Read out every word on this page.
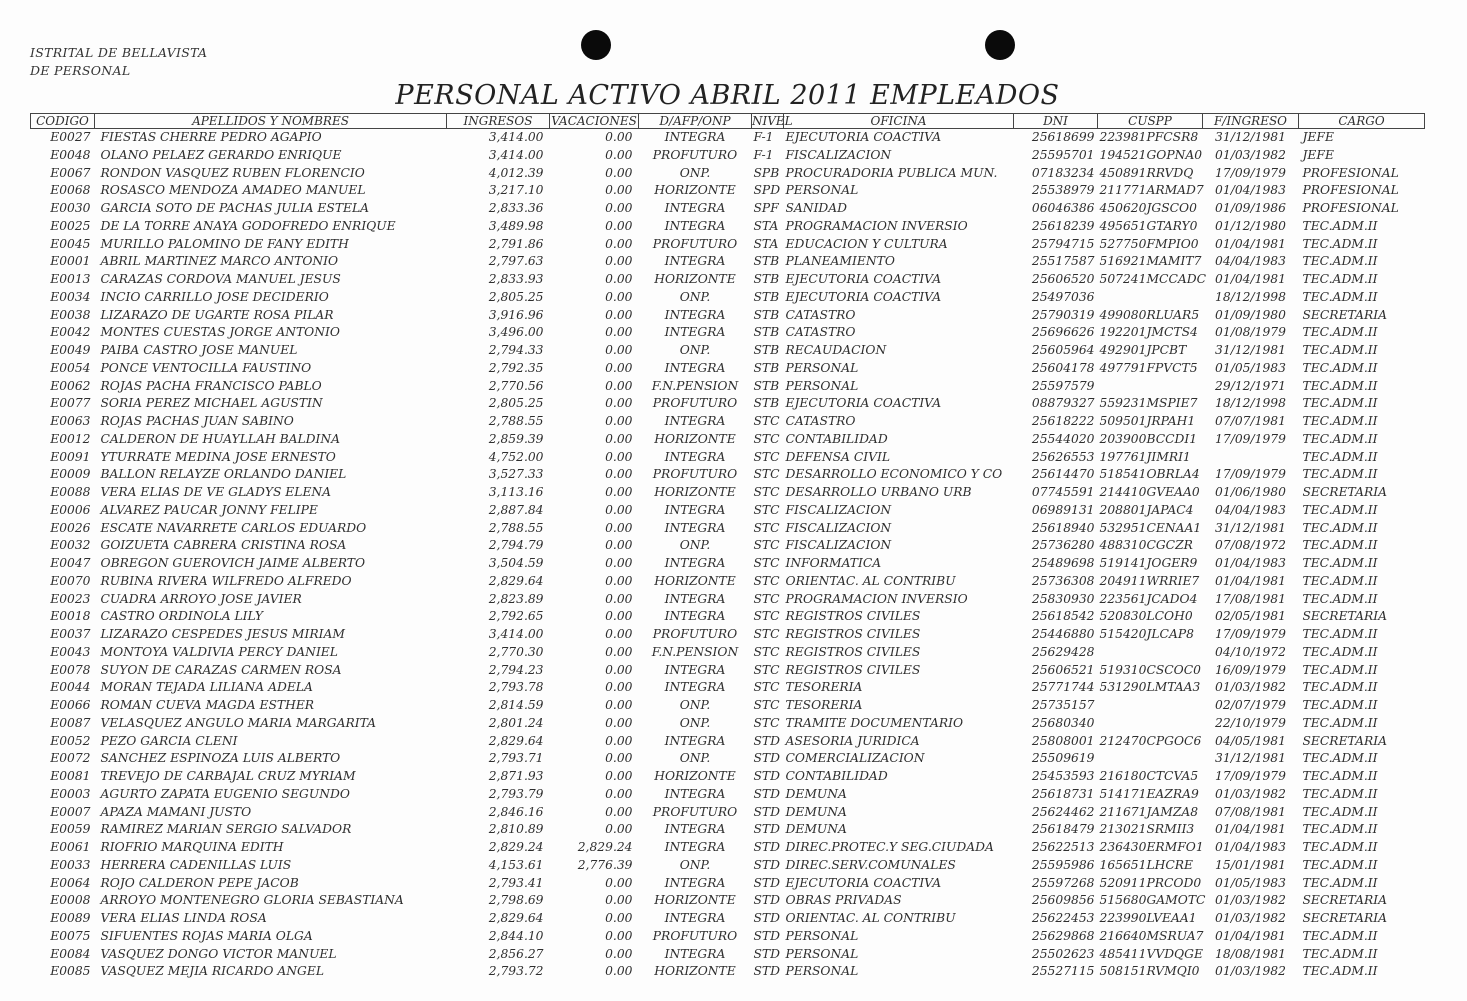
ISTRITAL DE BELLAVISTA
DE PERSONAL
PERSONAL ACTIVO ABRIL 2011 EMPLEADOS
CODIGO	APELLIDOS Y NOMBRES	INGRESOS	VACACIONES	D/AFP/ONP	NIVEL	OFICINA	DNI	CUSPP	F/INGRESO	CARGO
E0027	FIESTAS CHERRE PEDRO AGAPIO	3,414.00	0.00	INTEGRA	F-1	EJECUTORIA COACTIVA	25618699	223981PFCSR8	31/12/1981	JEFE
E0048	OLANO PELAEZ GERARDO ENRIQUE	3,414.00	0.00	PROFUTURO	F-1	FISCALIZACION	25595701	194521GOPNA0	01/03/1982	JEFE
E0067	RONDON VASQUEZ RUBEN FLORENCIO	4,012.39	0.00	ONP.	SPB	PROCURADORIA PUBLICA MUN.	07183234	450891RRVDQ	17/09/1979	PROFESIONAL
E0068	ROSASCO MENDOZA AMADEO MANUEL	3,217.10	0.00	HORIZONTE	SPD	PERSONAL	25538979	211771ARMAD7	01/04/1983	PROFESIONAL
E0030	GARCIA SOTO DE PACHAS JULIA ESTELA	2,833.36	0.00	INTEGRA	SPF	SANIDAD	06046386	450620JGSCO0	01/09/1986	PROFESIONAL
E0025	DE LA TORRE ANAYA GODOFREDO ENRIQUE	3,489.98	0.00	INTEGRA	STA	PROGRAMACION INVERSIO	25618239	495651GTARY0	01/12/1980	TEC.ADM.II
E0045	MURILLO PALOMINO DE FANY EDITH	2,791.86	0.00	PROFUTURO	STA	EDUCACION Y CULTURA	25794715	527750FMPIO0	01/04/1981	TEC.ADM.II
E0001	ABRIL MARTINEZ MARCO ANTONIO	2,797.63	0.00	INTEGRA	STB	PLANEAMIENTO	25517587	516921MAMIT7	04/04/1983	TEC.ADM.II
E0013	CARAZAS CORDOVA MANUEL JESUS	2,833.93	0.00	HORIZONTE	STB	EJECUTORIA COACTIVA	25606520	507241MCCADC	01/04/1981	TEC.ADM.II
E0034	INCIO CARRILLO JOSE DECIDERIO	2,805.25	0.00	ONP.	STB	EJECUTORIA COACTIVA	25497036		18/12/1998	TEC.ADM.II
E0038	LIZARAZO DE UGARTE ROSA PILAR	3,916.96	0.00	INTEGRA	STB	CATASTRO	25790319	499080RLUAR5	01/09/1980	SECRETARIA
E0042	MONTES CUESTAS JORGE ANTONIO	3,496.00	0.00	INTEGRA	STB	CATASTRO	25696626	192201JMCTS4	01/08/1979	TEC.ADM.II
E0049	PAIBA CASTRO JOSE MANUEL	2,794.33	0.00	ONP.	STB	RECAUDACION	25605964	492901JPCBT	31/12/1981	TEC.ADM.II
E0054	PONCE VENTOCILLA FAUSTINO	2,792.35	0.00	INTEGRA	STB	PERSONAL	25604178	497791FPVCT5	01/05/1983	TEC.ADM.II
E0062	ROJAS PACHA FRANCISCO PABLO	2,770.56	0.00	F.N.PENSION	STB	PERSONAL	25597579		29/12/1971	TEC.ADM.II
E0077	SORIA PEREZ MICHAEL AGUSTIN	2,805.25	0.00	PROFUTURO	STB	EJECUTORIA COACTIVA	08879327	559231MSPIE7	18/12/1998	TEC.ADM.II
E0063	ROJAS PACHAS JUAN SABINO	2,788.55	0.00	INTEGRA	STC	CATASTRO	25618222	509501JRPAH1	07/07/1981	TEC.ADM.II
E0012	CALDERON DE HUAYLLAH BALDINA	2,859.39	0.00	HORIZONTE	STC	CONTABILIDAD	25544020	203900BCCDI1	17/09/1979	TEC.ADM.II
E0091	YTURRATE MEDINA JOSE ERNESTO	4,752.00	0.00	INTEGRA	STC	DEFENSA CIVIL	25626553	197761JIMRI1		TEC.ADM.II
E0009	BALLON RELAYZE ORLANDO DANIEL	3,527.33	0.00	PROFUTURO	STC	DESARROLLO ECONOMICO Y CO	25614470	518541OBRLA4	17/09/1979	TEC.ADM.II
E0088	VERA ELIAS DE VE GLADYS ELENA	3,113.16	0.00	HORIZONTE	STC	DESARROLLO URBANO URB	07745591	214410GVEAA0	01/06/1980	SECRETARIA
E0006	ALVAREZ PAUCAR JONNY FELIPE	2,887.84	0.00	INTEGRA	STC	FISCALIZACION	06989131	208801JAPAC4	04/04/1983	TEC.ADM.II
E0026	ESCATE NAVARRETE CARLOS EDUARDO	2,788.55	0.00	INTEGRA	STC	FISCALIZACION	25618940	532951CENAA1	31/12/1981	TEC.ADM.II
E0032	GOIZUETA CABRERA CRISTINA ROSA	2,794.79	0.00	ONP.	STC	FISCALIZACION	25736280	488310CGCZR	07/08/1972	TEC.ADM.II
E0047	OBREGON GUEROVICH JAIME ALBERTO	3,504.59	0.00	INTEGRA	STC	INFORMATICA	25489698	519141JOGER9	01/04/1983	TEC.ADM.II
E0070	RUBINA RIVERA WILFREDO ALFREDO	2,829.64	0.00	HORIZONTE	STC	ORIENTAC. AL CONTRIBU	25736308	204911WRRIE7	01/04/1981	TEC.ADM.II
E0023	CUADRA ARROYO JOSE JAVIER	2,823.89	0.00	INTEGRA	STC	PROGRAMACION INVERSIO	25830930	223561JCADO4	17/08/1981	TEC.ADM.II
E0018	CASTRO ORDINOLA LILY	2,792.65	0.00	INTEGRA	STC	REGISTROS CIVILES	25618542	520830LCOH0	02/05/1981	SECRETARIA
E0037	LIZARAZO CESPEDES JESUS MIRIAM	3,414.00	0.00	PROFUTURO	STC	REGISTROS CIVILES	25446880	515420JLCAP8	17/09/1979	TEC.ADM.II
E0043	MONTOYA VALDIVIA PERCY DANIEL	2,770.30	0.00	F.N.PENSION	STC	REGISTROS CIVILES	25629428		04/10/1972	TEC.ADM.II
E0078	SUYON DE CARAZAS CARMEN ROSA	2,794.23	0.00	INTEGRA	STC	REGISTROS CIVILES	25606521	519310CSCOC0	16/09/1979	TEC.ADM.II
E0044	MORAN TEJADA LILIANA ADELA	2,793.78	0.00	INTEGRA	STC	TESORERIA	25771744	531290LMTAA3	01/03/1982	TEC.ADM.II
E0066	ROMAN CUEVA MAGDA ESTHER	2,814.59	0.00	ONP.	STC	TESORERIA	25735157		02/07/1979	TEC.ADM.II
E0087	VELASQUEZ ANGULO MARIA MARGARITA	2,801.24	0.00	ONP.	STC	TRAMITE DOCUMENTARIO	25680340		22/10/1979	TEC.ADM.II
E0052	PEZO GARCIA CLENI	2,829.64	0.00	INTEGRA	STD	ASESORIA JURIDICA	25808001	212470CPGOC6	04/05/1981	SECRETARIA
E0072	SANCHEZ ESPINOZA LUIS ALBERTO	2,793.71	0.00	ONP.	STD	COMERCIALIZACION	25509619		31/12/1981	TEC.ADM.II
E0081	TREVEJO DE CARBAJAL CRUZ MYRIAM	2,871.93	0.00	HORIZONTE	STD	CONTABILIDAD	25453593	216180CTCVA5	17/09/1979	TEC.ADM.II
E0003	AGURTO ZAPATA EUGENIO SEGUNDO	2,793.79	0.00	INTEGRA	STD	DEMUNA	25618731	514171EAZRA9	01/03/1982	TEC.ADM.II
E0007	APAZA MAMANI JUSTO	2,846.16	0.00	PROFUTURO	STD	DEMUNA	25624462	211671JAMZA8	07/08/1981	TEC.ADM.II
E0059	RAMIREZ MARIAN SERGIO SALVADOR	2,810.89	0.00	INTEGRA	STD	DEMUNA	25618479	213021SRMII3	01/04/1981	TEC.ADM.II
E0061	RIOFRIO MARQUINA EDITH	2,829.24	2,829.24	INTEGRA	STD	DIREC.PROTEC.Y SEG.CIUDADA	25622513	236430ERMFO1	01/04/1983	TEC.ADM.II
E0033	HERRERA CADENILLAS LUIS	4,153.61	2,776.39	ONP.	STD	DIREC.SERV.COMUNALES	25595986	165651LHCRE	15/01/1981	TEC.ADM.II
E0064	ROJO CALDERON PEPE JACOB	2,793.41	0.00	INTEGRA	STD	EJECUTORIA COACTIVA	25597268	520911PRCOD0	01/05/1983	TEC.ADM.II
E0008	ARROYO MONTENEGRO GLORIA SEBASTIANA	2,798.69	0.00	HORIZONTE	STD	OBRAS PRIVADAS	25609856	515680GAMOTC	01/03/1982	SECRETARIA
E0089	VERA ELIAS LINDA ROSA	2,829.64	0.00	INTEGRA	STD	ORIENTAC. AL CONTRIBU	25622453	223990LVEAA1	01/03/1982	SECRETARIA
E0075	SIFUENTES ROJAS MARIA OLGA	2,844.10	0.00	PROFUTURO	STD	PERSONAL	25629868	216640MSRUA7	01/04/1981	TEC.ADM.II
E0084	VASQUEZ DONGO VICTOR MANUEL	2,856.27	0.00	INTEGRA	STD	PERSONAL	25502623	485411VVDQGE	18/08/1981	TEC.ADM.II
E0085	VASQUEZ MEJIA RICARDO ANGEL	2,793.72	0.00	HORIZONTE	STD	PERSONAL	25527115	508151RVMQI0	01/03/1982	TEC.ADM.II
